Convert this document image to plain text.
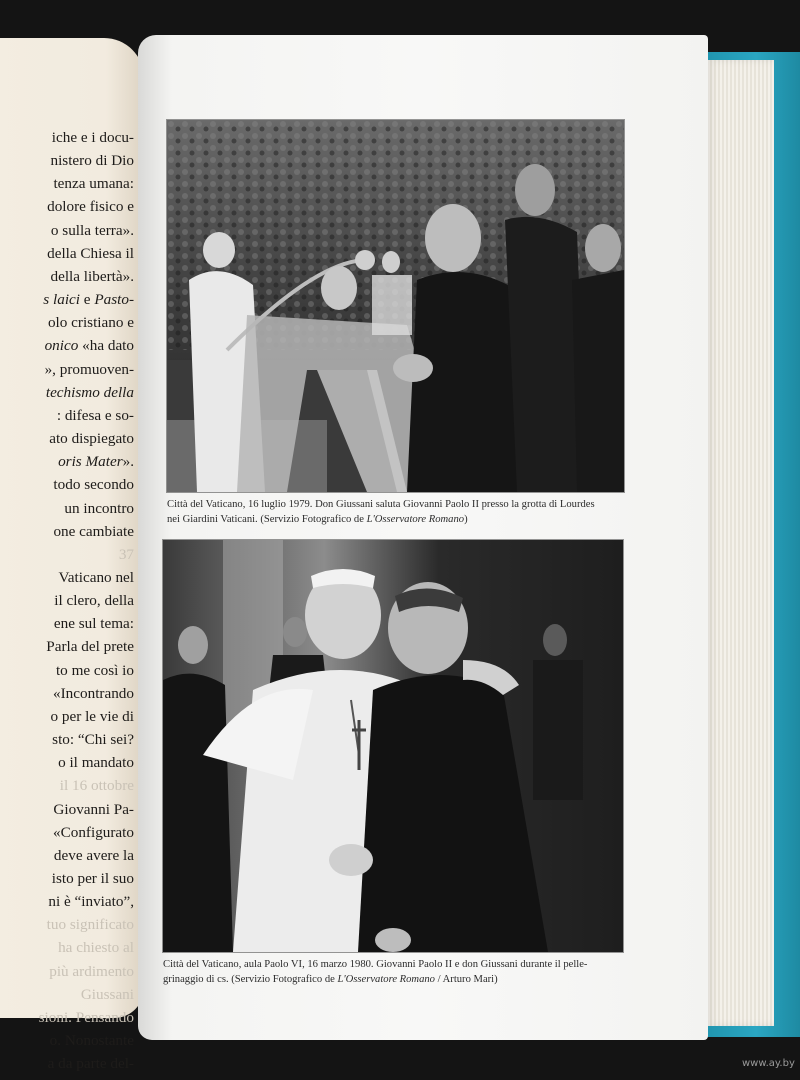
iche e i docu-
nistero di Dio
tenza umana:
dolore fisico e
o sulla terra».
della Chiesa il
della libertà».
s laici e Pasto-
olo cristiano e
onico «ha dato
», promuoven-
techismo della
: difesa e so-
ato dispiegato
oris Mater».
todo secondo
un incontro
one cambiate
37
Vaticano nel
il clero, della
ene sul tema:
Parla del prete
to me così io
«Incontrando
o per le vie di
sto: “Chi sei?
o il mandato
il 16 ottobre
Giovanni Pa-
«Configurato
deve avere la
isto per il suo
ni è “inviato”,
tuo significato
ha chiesto al
più ardimento
Giussani
sioni. Pensando
o. Nonostante
a da parte del-
Città del Vaticano, 16 luglio 1979. Don Giussani saluta Giovanni Paolo II presso la grotta di Lourdes
nei Giardini Vaticani. (Servizio Fotografico de L'Osservatore Romano)
Città del Vaticano, aula Paolo VI, 16 marzo 1980. Giovanni Paolo II e don Giussani durante il pelle-
grinaggio di cs. (Servizio Fotografico de L'Osservatore Romano / Arturo Mari)
www.ay.by
